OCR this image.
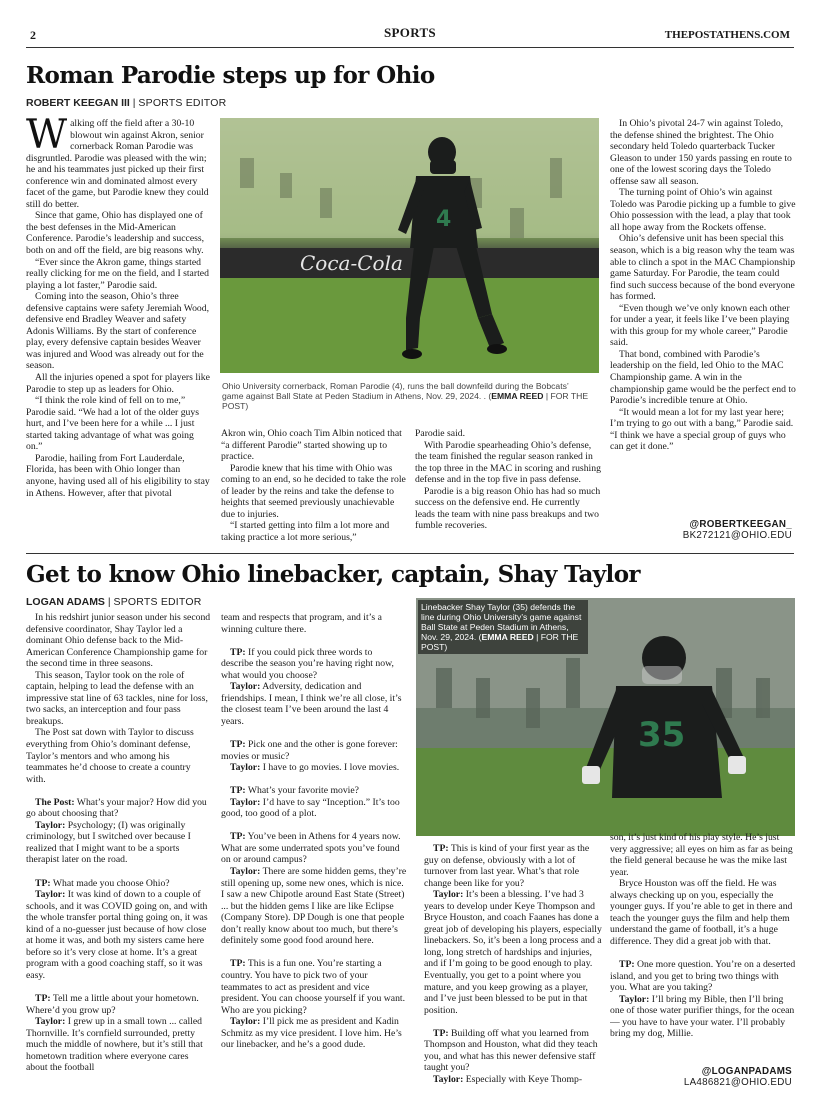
2	SPORTS	THEPOSTATHENS.COM
Roman Parodie steps up for Ohio
ROBERT KEEGAN III | SPORTS EDITOR

Walking off the field after a 30-10 blowout win against Akron, senior cornerback Roman Parodie was disgruntled. Parodie was pleased with the win; he and his teammates just picked up their first conference win and dominated almost every facet of the game, but Parodie knew they could still do better.

Since that game, Ohio has displayed one of the best defenses in the Mid-American Conference. Parodie’s leadership and success, both on and off the field, are big reasons why.

“Ever since the Akron game, things started really clicking for me on the field, and I started playing a lot faster,” Parodie said.

Coming into the season, Ohio’s three defensive captains were safety Jeremiah Wood, defensive end Bradley Weaver and safety Adonis Williams. By the start of conference play, every defensive captain besides Weaver was injured and Wood was already out for the season.

All the injuries opened a spot for players like Parodie to step up as leaders for Ohio.

“I think the role kind of fell on to me,” Parodie said. “We had a lot of the older guys hurt, and I’ve been here for a while ... I just started taking advantage of what was going on.”

Parodie, hailing from Fort Lauderdale, Florida, has been with Ohio longer than anyone, having used all of his eligibility to stay in Athens. However, after that pivotal

Coca-Cola
4
Ohio University cornerback, Roman Parodie (4), runs the ball downfeild during the Bobcats’ game against Ball State at Peden Stadium in Athens, Nov. 29, 2024. . (EMMA REED | FOR THE POST)

Akron win, Ohio coach Tim Albin noticed that “a different Parodie” started showing up to practice.

Parodie knew that his time with Ohio was coming to an end, so he decided to take the role of leader by the reins and take the defense to heights that seemed previously unachievable due to injuries.

“I started getting into film a lot more and taking practice a lot more serious,”

Parodie said.

With Parodie spearheading Ohio’s defense, the team finished the regular season ranked in the top three in the MAC in scoring and rushing defense and in the top five in pass defense.

Parodie is a big reason Ohio has had so much success on the defensive end. He currently leads the team with nine pass breakups and two fumble recoveries.

In Ohio’s pivotal 24-7 win against Toledo, the defense shined the brightest. The Ohio secondary held Toledo quarterback Tucker Gleason to under 150 yards passing en route to one of the lowest scoring days the Toledo offense saw all season.

The turning point of Ohio’s win against Toledo was Parodie picking up a fumble to give Ohio possession with the lead, a play that took all hope away from the Rockets offense.

Ohio’s defensive unit has been special this season, which is a big reason why the team was able to clinch a spot in the MAC Championship game Saturday. For Parodie, the team could find such success because of the bond everyone has formed.

“Even though we’ve only known each other for under a year, it feels like I’ve been playing with this group for my whole career,” Parodie said.

That bond, combined with Parodie’s leadership on the field, led Ohio to the MAC Championship game. A win in the championship game would be the perfect end to Parodie’s incredible tenure at Ohio.

“It would mean a lot for my last year here; I’m trying to go out with a bang,” Parodie said. “I think we have a special group of guys who can get it done.”

@ROBERTKEEGAN_
BK272121@OHIO.EDU
Get to know Ohio linebacker, captain, Shay Taylor
LOGAN ADAMS | SPORTS EDITOR

In his redshirt junior season under his second defensive coordinator, Shay Taylor led a dominant Ohio defense back to the Mid-American Conference Championship game for the second time in three seasons.

This season, Taylor took on the role of captain, helping to lead the defense with an impressive stat line of 63 tackles, nine for loss, two sacks, an interception and four pass breakups.

The Post sat down with Taylor to discuss everything from Ohio’s dominant defense, Taylor’s mentors and who among his teammates he’d choose to create a country with.

The Post: What’s your major? How did you go about choosing that?

Taylor: Psychology; (I) was originally criminology, but I switched over because I realized that I might want to be a sports therapist later on the road.

TP: What made you choose Ohio?

Taylor: It was kind of down to a couple of schools, and it was COVID going on, and with the whole transfer portal thing going on, it was kind of a no-guesser just because of how close at home it was, and both my sisters came here before so it’s very close at home. It’s a great program with a good coaching staff, so it was easy.

TP: Tell me a little about your hometown. Where’d you grow up?

Taylor: I grew up in a small town ... called Thornville. It’s cornfield surrounded, pretty much the middle of nowhere, but it’s still that hometown tradition where everyone cares about the football

team and respects that program, and it’s a winning culture there.

TP: If you could pick three words to describe the season you’re having right now, what would you choose?

Taylor: Adversity, dedication and friendships. I mean, I think we’re all close, it’s the closest team I’ve been around the last 4 years.

TP: Pick one and the other is gone forever: movies or music?

Taylor: I have to go movies. I love movies.

TP: What’s your favorite movie?

Taylor: I’d have to say “Inception.” It’s too good, too good of a plot.

TP: You’ve been in Athens for 4 years now. What are some underrated spots you’ve found on or around campus?

Taylor: There are some hidden gems, they’re still opening up, some new ones, which is nice. I saw a new Chipotle around East State (Street) ... but the hidden gems I like are like Eclipse (Company Store). DP Dough is one that people don’t really know about too much, but there’s definitely some good food around here.

TP: This is a fun one. You’re starting a country. You have to pick two of your teammates to act as president and vice president. You can choose yourself if you want. Who are you picking?

Taylor: I’ll pick me as president and Kadin Schmitz as my vice president. I love him. He’s our linebacker, and he’s a good dude.

35
Linebacker Shay Taylor (35) defends the line during Ohio University’s game against Ball State at Peden Stadium in Athens, Nov. 29, 2024. (EMMA REED | FOR THE POST)

TP: This is kind of your first year as the guy on defense, obviously with a lot of turnover from last year. What’s that role change been like for you?

Taylor: It’s been a blessing. I’ve had 3 years to develop under Keye Thompson and Bryce Houston, and coach Faanes has done a great job of developing his players, especially linebackers. So, it’s been a long process and a long, long stretch of hardships and injuries, and if I’m going to be good enough to play. Eventually, you get to a point where you mature, and you keep growing as a player, and I’ve just been blessed to be put in that position.

TP: Building off what you learned from Thompson and Houston, what did they teach you, and what has this newer defensive staff taught you?

Taylor: Especially with Keye Thomp-

son, it’s just kind of his play style. He’s just very aggressive; all eyes on him as far as being the field general because he was the mike last year.

Bryce Houston was off the field. He was always checking up on you, especially the younger guys. If you’re able to get in there and teach the younger guys the film and help them understand the game of football, it’s a huge difference. They did a great job with that.

TP: One more question. You’re on a deserted island, and you get to bring two things with you. What are you taking?

Taylor: I’ll bring my Bible, then I’ll bring one of those water purifier things, for the ocean — you have to have your water. I’ll probably bring my dog, Millie.

@LOGANPADAMS
LA486821@OHIO.EDU
